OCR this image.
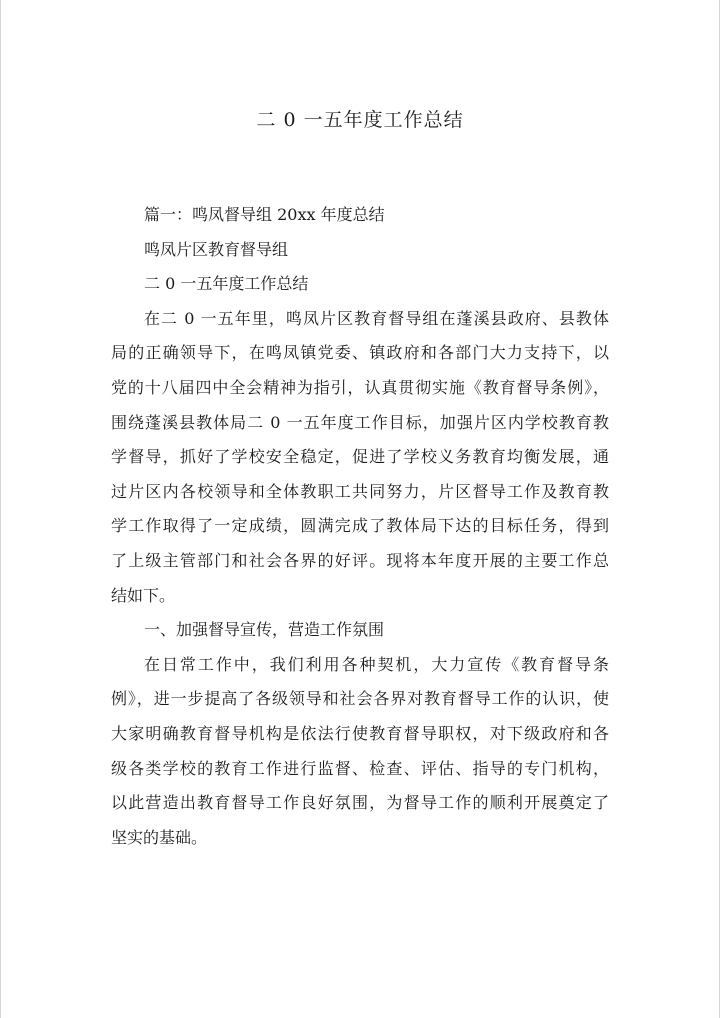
二 0 一五年度工作总结
篇一：鸣凤督导组 20xx 年度总结
鸣凤片区教育督导组
二 0 一五年度工作总结
在二 0 一五年里，鸣凤片区教育督导组在蓬溪县政府、县教体
局的正确领导下，在鸣凤镇党委、镇政府和各部门大力支持下，以
党的十八届四中全会精神为指引，认真贯彻实施《教育督导条例》，
围绕蓬溪县教体局二 0 一五年度工作目标，加强片区内学校教育教
学督导，抓好了学校安全稳定，促进了学校义务教育均衡发展，通
过片区内各校领导和全体教职工共同努力，片区督导工作及教育教
学工作取得了一定成绩，圆满完成了教体局下达的目标任务，得到
了上级主管部门和社会各界的好评。现将本年度开展的主要工作总
结如下。
一、加强督导宣传，营造工作氛围
在日常工作中，我们利用各种契机，大力宣传《教育督导条
例》，进一步提高了各级领导和社会各界对教育督导工作的认识，使
大家明确教育督导机构是依法行使教育督导职权，对下级政府和各
级各类学校的教育工作进行监督、检查、评估、指导的专门机构，
以此营造出教育督导工作良好氛围，为督导工作的顺利开展奠定了
坚实的基础。
